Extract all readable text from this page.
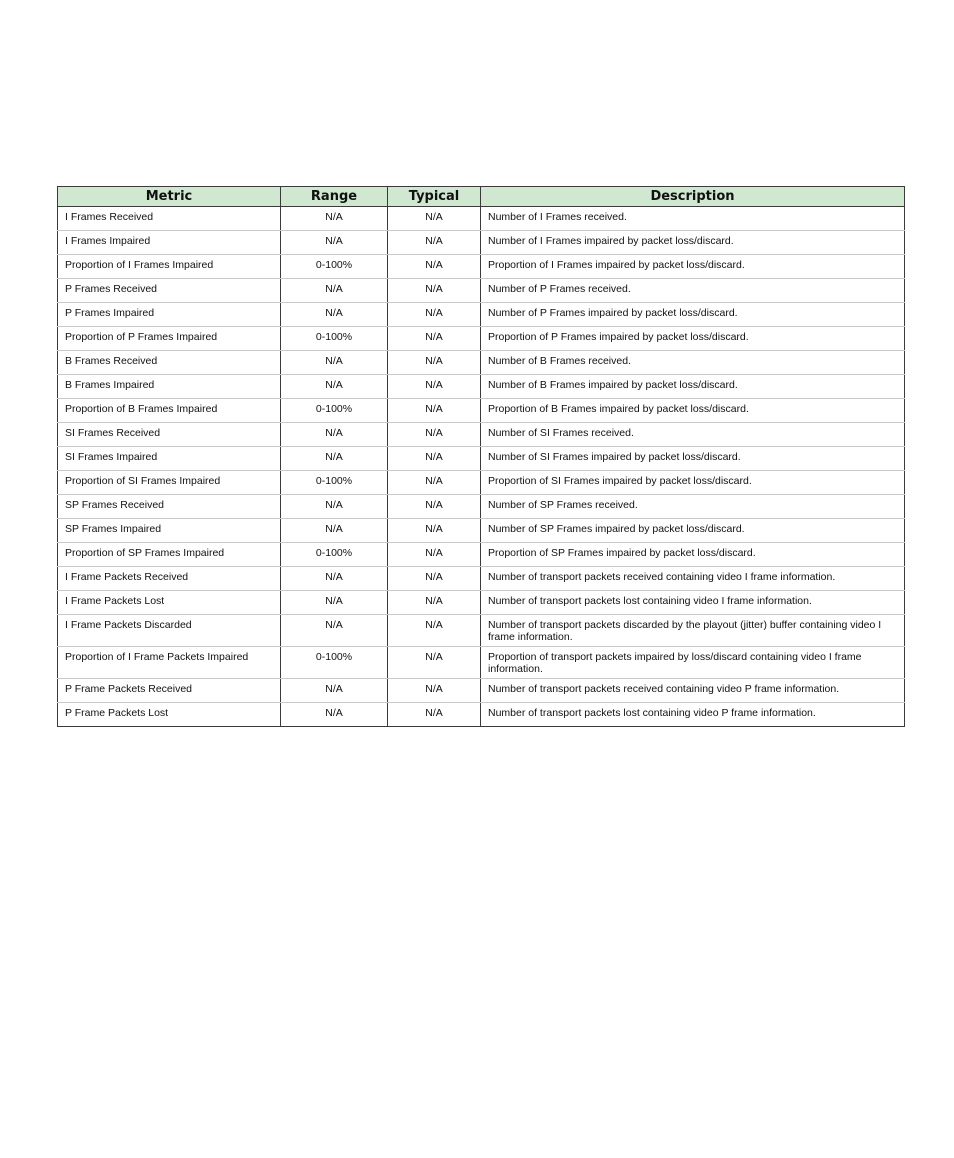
Metric	Range	Typical	Description
I Frames Received	N/A	N/A	Number of I Frames received.
I Frames Impaired	N/A	N/A	Number of I Frames impaired by packet loss/discard.
Proportion of I Frames Impaired	0-100%	N/A	Proportion of I Frames impaired by packet loss/discard.
P Frames Received	N/A	N/A	Number of P Frames received.
P Frames Impaired	N/A	N/A	Number of P Frames impaired by packet loss/discard.
Proportion of P Frames Impaired	0-100%	N/A	Proportion of P Frames impaired by packet loss/discard.
B Frames Received	N/A	N/A	Number of B Frames received.
B Frames Impaired	N/A	N/A	Number of B Frames impaired by packet loss/discard.
Proportion of B Frames Impaired	0-100%	N/A	Proportion of B Frames impaired by packet loss/discard.
SI Frames Received	N/A	N/A	Number of SI Frames received.
SI Frames Impaired	N/A	N/A	Number of SI Frames impaired by packet loss/discard.
Proportion of SI Frames Impaired	0-100%	N/A	Proportion of SI Frames impaired by packet loss/discard.
SP Frames Received	N/A	N/A	Number of SP Frames received.
SP Frames Impaired	N/A	N/A	Number of SP Frames impaired by packet loss/discard.
Proportion of SP Frames Impaired	0-100%	N/A	Proportion of SP Frames impaired by packet loss/discard.
I Frame Packets Received	N/A	N/A	Number of transport packets received containing video I frame information.
I Frame Packets Lost	N/A	N/A	Number of transport packets lost containing video I frame information.
I Frame Packets Discarded	N/A	N/A	Number of transport packets discarded by the playout (jitter) buffer containing video I frame information.
Proportion of I Frame Packets Impaired	0-100%	N/A	Proportion of transport packets impaired by loss/discard containing video I frame information.
P Frame Packets Received	N/A	N/A	Number of transport packets received containing video P frame information.
P Frame Packets Lost	N/A	N/A	Number of transport packets lost containing video P frame information.
